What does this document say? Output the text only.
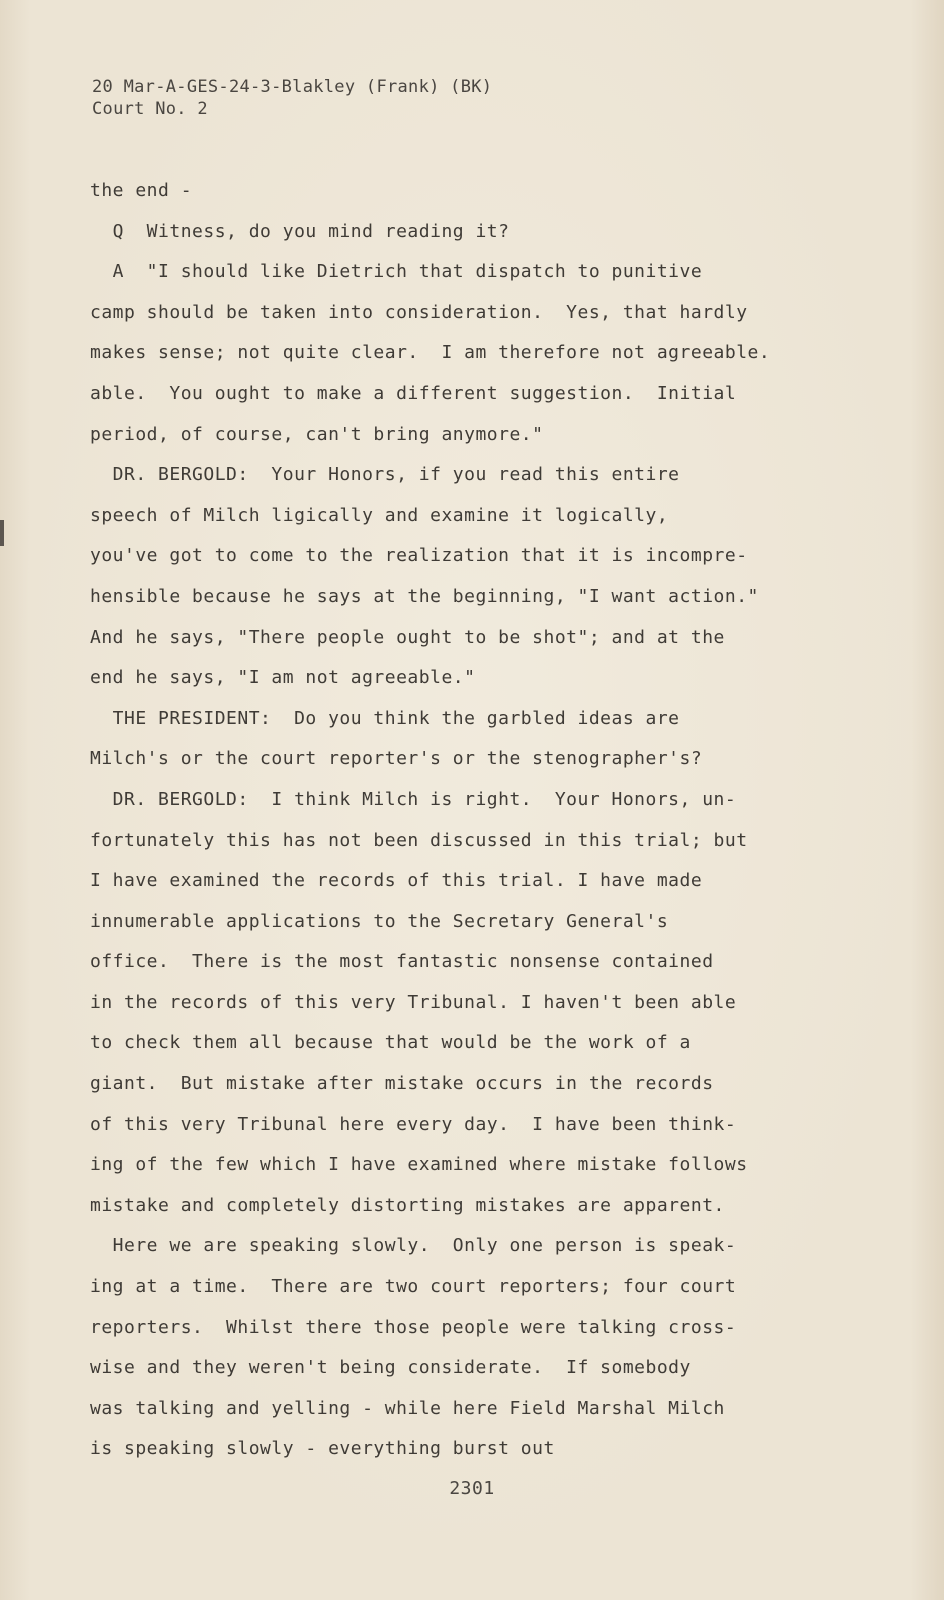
20 Mar-A-GES-24-3-Blakley (Frank) (BK)
Court No. 2
the end -
Q  Witness, do you mind reading it?
A  "I should like Dietrich that dispatch to punitive
camp should be taken into consideration.  Yes, that hardly
makes sense; not quite clear.  I am therefore not agreeable.
able.  You ought to make a different suggestion.  Initial
period, of course, can't bring anymore."
DR. BERGOLD:  Your Honors, if you read this entire
speech of Milch ligically and examine it logically,
you've got to come to the realization that it is incompre-
hensible because he says at the beginning, "I want action."
And he says, "There people ought to be shot"; and at the
end he says, "I am not agreeable."
THE PRESIDENT:  Do you think the garbled ideas are
Milch's or the court reporter's or the stenographer's?
DR. BERGOLD:  I think Milch is right.  Your Honors, un-
fortunately this has not been discussed in this trial; but
I have examined the records of this trial. I have made
innumerable applications to the Secretary General's
office.  There is the most fantastic nonsense contained
in the records of this very Tribunal. I haven't been able
to check them all because that would be the work of a
giant.  But mistake after mistake occurs in the records
of this very Tribunal here every day.  I have been think-
ing of the few which I have examined where mistake follows
mistake and completely distorting mistakes are apparent.
Here we are speaking slowly.  Only one person is speak-
ing at a time.  There are two court reporters; four court
reporters.  Whilst there those people were talking cross-
wise and they weren't being considerate.  If somebody
was talking and yelling - while here Field Marshal Milch
is speaking slowly - everything burst out
2301
